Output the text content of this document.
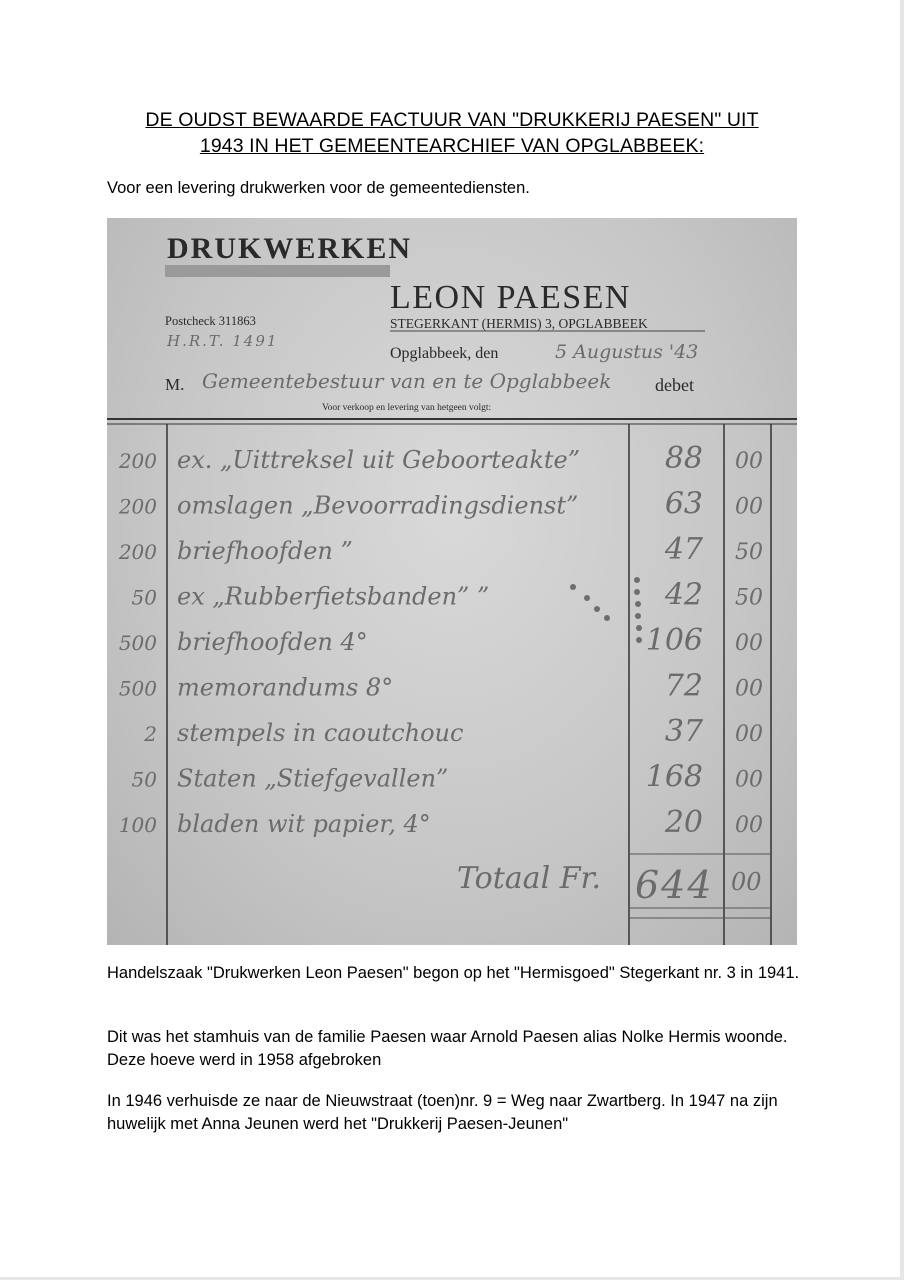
DE OUDST BEWAARDE FACTUUR VAN "DRUKKERIJ PAESEN" UIT
1943 IN HET GEMEENTEARCHIEF VAN OPGLABBEEK:
Voor een levering drukwerken voor de gemeentediensten.
DRUKWERKEN
LEON PAESEN
STEGERKANT (HERMIS) 3, OPGLABBEEK
Postcheck 311863
H.R.T. 1491
Opglabbeek, den	5 Augustus '43
M. Gemeentebestuur van en te Opglabbeek debet
Voor verkoop en levering van hetgeen volgt:
200 ex. „Uittreksel uit Geboorteakte”	88 00
200 omslagen „Bevoorradingsdienst”	63 00
200 briefhoofden ”	47 50
50 ex „Rubberfietsbanden” ”	42 50
500 briefhoofden 4°	106 00
500 memorandums 8°	72 00
2 stempels in caoutchouc	37 00
50 Staten „Stiefgevallen”	168 00
100 bladen wit papier, 4°	20 00
Totaal Fr. 644 00
Handelszaak "Drukwerken Leon Paesen" begon op het "Hermisgoed" Stegerkant nr. 3 in 1941.
Dit was het stamhuis van de familie Paesen waar Arnold Paesen alias Nolke Hermis woonde. Deze hoeve werd in 1958 afgebroken
In 1946 verhuisde ze naar de Nieuwstraat (toen)nr. 9 = Weg naar Zwartberg. In 1947 na zijn huwelijk met Anna Jeunen werd het "Drukkerij Paesen-Jeunen"
